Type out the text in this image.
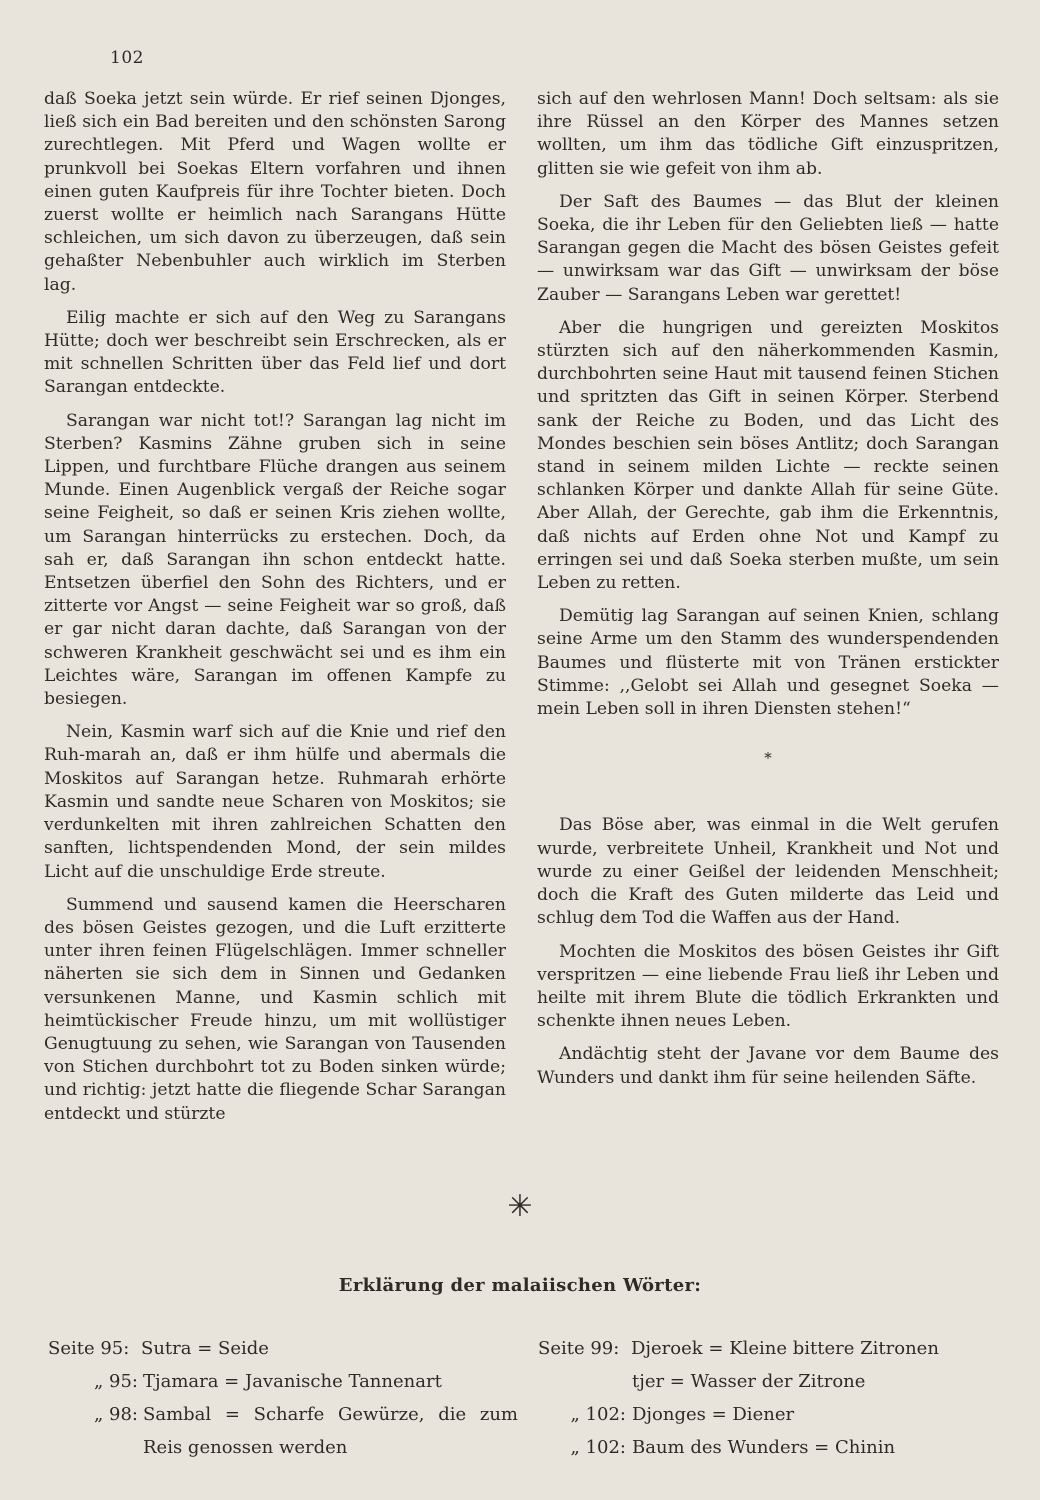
102

daß Soeka jetzt sein würde. Er rief seinen Djonges, ließ sich ein Bad bereiten und den schönsten Sarong zurechtlegen. Mit Pferd und Wagen wollte er prunkvoll bei Soekas Eltern vorfahren und ihnen einen guten Kaufpreis für ihre Tochter bieten. Doch zuerst wollte er heimlich nach Sarangans Hütte schleichen, um sich davon zu überzeugen, daß sein gehaßter Nebenbuhler auch wirklich im Sterben lag.

Eilig machte er sich auf den Weg zu Sarangans Hütte; doch wer beschreibt sein Erschrecken, als er mit schnellen Schritten über das Feld lief und dort Sarangan entdeckte.

Sarangan war nicht tot!? Sarangan lag nicht im Sterben? Kasmins Zähne gruben sich in seine Lippen, und furchtbare Flüche drangen aus seinem Munde. Einen Augenblick vergaß der Reiche sogar seine Feigheit, so daß er seinen Kris ziehen wollte, um Sarangan hinterrücks zu erstechen. Doch, da sah er, daß Sarangan ihn schon entdeckt hatte. Entsetzen überfiel den Sohn des Richters, und er zitterte vor Angst — seine Feigheit war so groß, daß er gar nicht daran dachte, daß Sarangan von der schweren Krankheit geschwächt sei und es ihm ein Leichtes wäre, Sarangan im offenen Kampfe zu besiegen.

Nein, Kasmin warf sich auf die Knie und rief den Ruh-marah an, daß er ihm hülfe und abermals die Moskitos auf Sarangan hetze. Ruhmarah erhörte Kasmin und sandte neue Scharen von Moskitos; sie verdunkelten mit ihren zahlreichen Schatten den sanften, lichtspendenden Mond, der sein mildes Licht auf die unschuldige Erde streute.

Summend und sausend kamen die Heerscharen des bösen Geistes gezogen, und die Luft erzitterte unter ihren feinen Flügelschlägen. Immer schneller näherten sie sich dem in Sinnen und Gedanken versunkenen Manne, und Kasmin schlich mit heimtückischer Freude hinzu, um mit wollüstiger Genugtuung zu sehen, wie Sarangan von Tausenden von Stichen durchbohrt tot zu Boden sinken würde; und richtig: jetzt hatte die fliegende Schar Sarangan entdeckt und stürzte

sich auf den wehrlosen Mann! Doch seltsam: als sie ihre Rüssel an den Körper des Mannes setzen wollten, um ihm das tödliche Gift einzuspritzen, glitten sie wie gefeit von ihm ab.

Der Saft des Baumes — das Blut der kleinen Soeka, die ihr Leben für den Geliebten ließ — hatte Sarangan gegen die Macht des bösen Geistes gefeit — unwirksam war das Gift — unwirksam der böse Zauber — Sarangans Leben war gerettet!

Aber die hungrigen und gereizten Moskitos stürzten sich auf den näherkommenden Kasmin, durchbohrten seine Haut mit tausend feinen Stichen und spritzten das Gift in seinen Körper. Sterbend sank der Reiche zu Boden, und das Licht des Mondes beschien sein böses Antlitz; doch Sarangan stand in seinem milden Lichte — reckte seinen schlanken Körper und dankte Allah für seine Güte. Aber Allah, der Gerechte, gab ihm die Erkenntnis, daß nichts auf Erden ohne Not und Kampf zu erringen sei und daß Soeka sterben mußte, um sein Leben zu retten.

Demütig lag Sarangan auf seinen Knien, schlang seine Arme um den Stamm des wunderspendenden Baumes und flüsterte mit von Tränen erstickter Stimme: ,,Gelobt sei Allah und gesegnet Soeka — mein Leben soll in ihren Diensten stehen!“

*

Das Böse aber, was einmal in die Welt gerufen wurde, verbreitete Unheil, Krankheit und Not und wurde zu einer Geißel der leidenden Menschheit; doch die Kraft des Guten milderte das Leid und schlug dem Tod die Waffen aus der Hand.

Mochten die Moskitos des bösen Geistes ihr Gift verspritzen — eine liebende Frau ließ ihr Leben und heilte mit ihrem Blute die tödlich Erkrankten und schenkte ihnen neues Leben.

Andächtig steht der Javane vor dem Baume des Wunders und dankt ihm für seine heilenden Säfte.

✳
Erklärung der malaiischen Wörter:
Seite 95: Sutra = Seide
„ 95: Tjamara = Javanische Tannenart
„ 98: Sambal = Scharfe Gewürze, die zum
Reis genossen werden
Seite 99: Djeroek = Kleine bittere Zitronen
tjer = Wasser der Zitrone
„ 102: Djonges = Diener
„ 102: Baum des Wunders = Chinin
